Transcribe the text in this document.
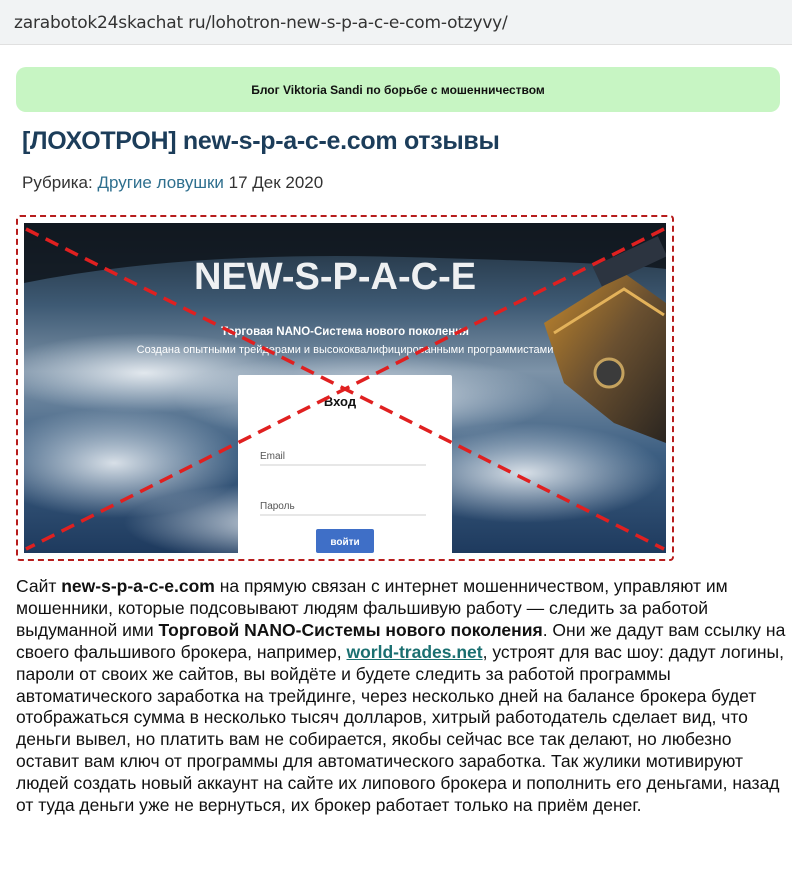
zarabotok24skachat ru/lohotron-new-s-p-a-c-e-com-otzyvy/
Блог Viktoria Sandi по борьбе с мошенничеством
[ЛОХОТРОН] new-s-p-a-c-e.com отзывы
Рубрика: Другие ловушки 17 Дек 2020
NEW-S-P-A-C-E
Торговая NANO-Система нового поколения
Создана опытными трейдерами и высококвалифицированными программистами
Вход
Email
Пароль
войти
Сайт new-s-p-a-c-e.com на прямую связан с интернет мошенничеством, управляют им мошенники, которые подсовывают людям фальшивую работу — следить за работой выдуманной ими Торговой NANO-Системы нового поколения. Они же дадут вам ссылку на своего фальшивого брокера, например, world-trades.net, устроят для вас шоу: дадут логины, пароли от своих же сайтов, вы войдёте и будете следить за работой программы автоматического заработка на трейдинге, через несколько дней на балансе брокера будет отображаться сумма в несколько тысяч долларов, хитрый работодатель сделает вид, что деньги вывел, но платить вам не собирается, якобы сейчас все так делают, но любезно оставит вам ключ от программы для автоматического заработка. Так жулики мотивируют людей создать новый аккаунт на сайте их липового брокера и пополнить его деньгами, назад от туда деньги уже не вернуться, их брокер работает только на приём денег.
